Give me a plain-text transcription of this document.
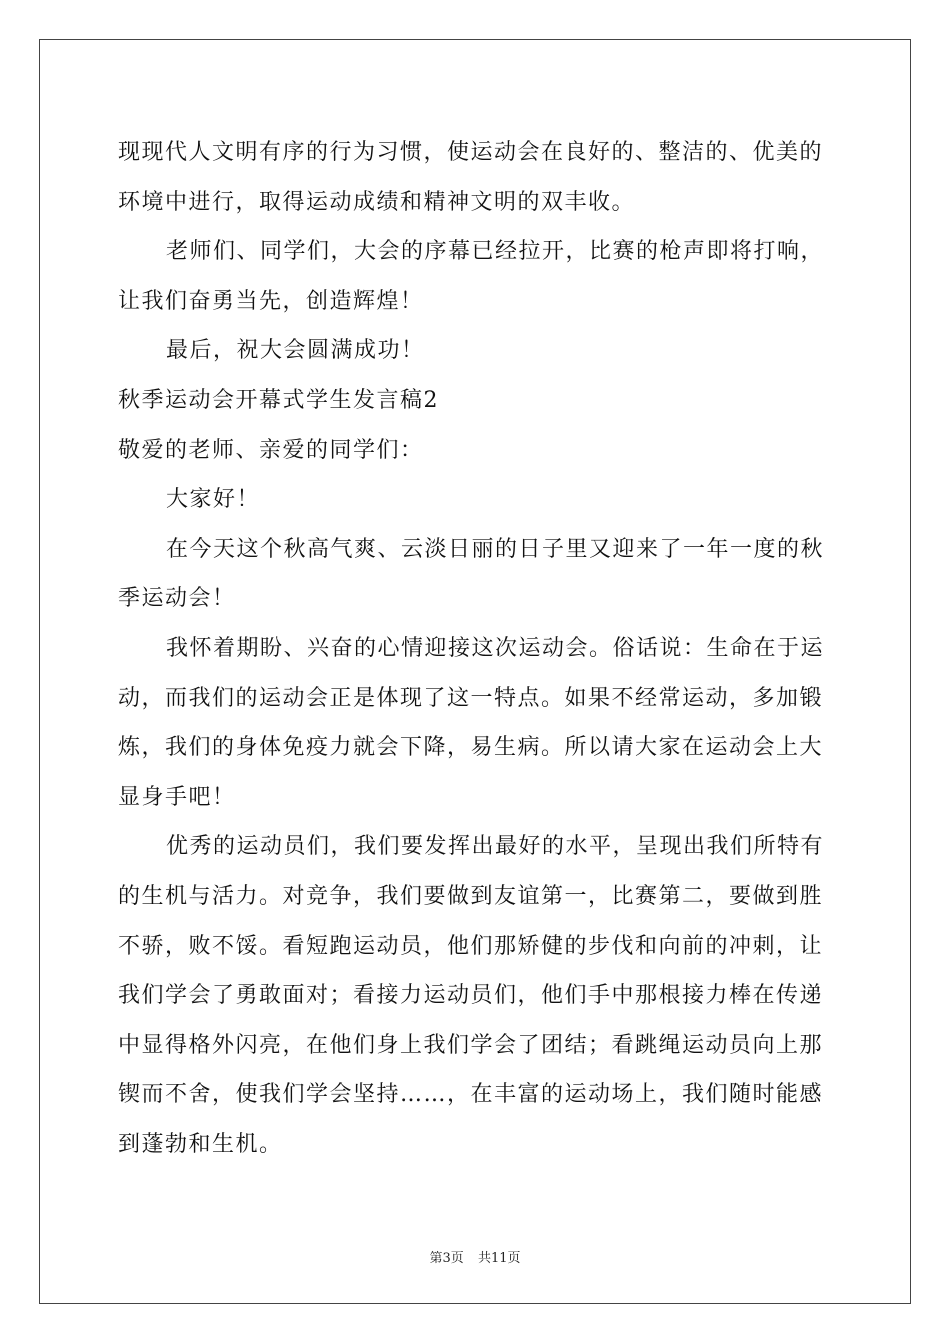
现现代人文明有序的行为习惯，使运动会在良好的、整洁的、优美的环境中进行，取得运动成绩和精神文明的双丰收。

老师们、同学们，大会的序幕已经拉开，比赛的枪声即将打响，让我们奋勇当先，创造辉煌！

最后，祝大会圆满成功！

秋季运动会开幕式学生发言稿2

敬爱的老师、亲爱的同学们：

大家好！

在今天这个秋高气爽、云淡日丽的日子里又迎来了一年一度的秋季运动会！

我怀着期盼、兴奋的心情迎接这次运动会。俗话说：生命在于运动，而我们的运动会正是体现了这一特点。如果不经常运动，多加锻炼，我们的身体免疫力就会下降，易生病。所以请大家在运动会上大显身手吧！

优秀的运动员们，我们要发挥出最好的水平，呈现出我们所特有的生机与活力。对竞争，我们要做到友谊第一，比赛第二，要做到胜不骄，败不馁。看短跑运动员，他们那矫健的步伐和向前的冲刺，让我们学会了勇敢面对；看接力运动员们，他们手中那根接力棒在传递中显得格外闪亮，在他们身上我们学会了团结；看跳绳运动员向上那锲而不舍，使我们学会坚持……，在丰富的运动场上，我们随时能感到蓬勃和生机。

第3页 共11页
